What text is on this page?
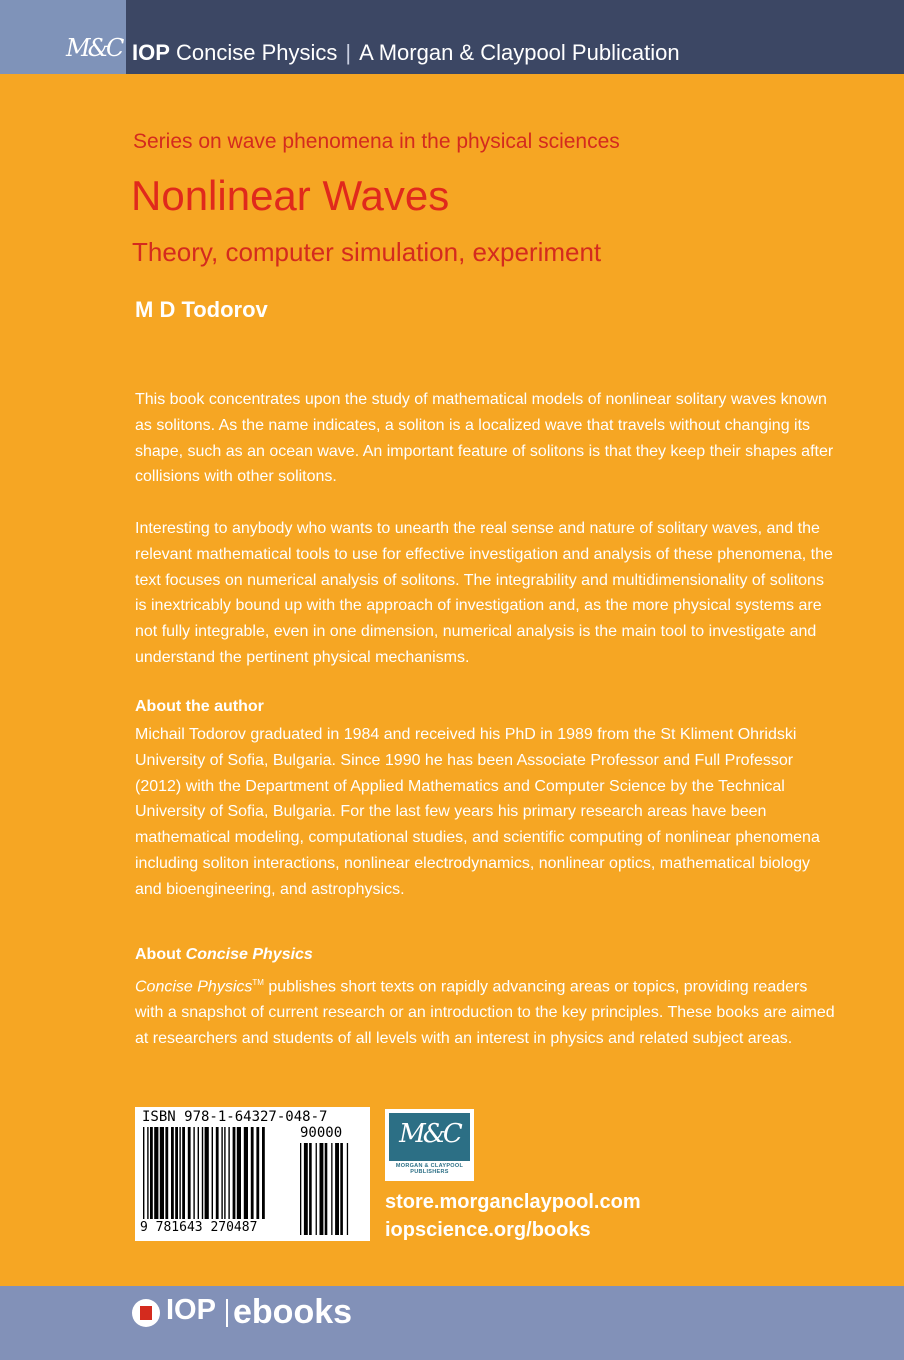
M&C IOP Concise Physics | A Morgan & Claypool Publication
Series on wave phenomena in the physical sciences
Nonlinear Waves
Theory, computer simulation, experiment
M D Todorov

This book concentrates upon the study of mathematical models of nonlinear solitary waves known as solitons. As the name indicates, a soliton is a localized wave that travels without changing its shape, such as an ocean wave. An important feature of solitons is that they keep their shapes after collisions with other solitons.

Interesting to anybody who wants to unearth the real sense and nature of solitary waves, and the relevant mathematical tools to use for effective investigation and analysis of these phenomena, the text focuses on numerical analysis of solitons. The integrability and multidimensionality of solitons is inextricably bound up with the approach of investigation and, as the more physical systems are not fully integrable, even in one dimension, numerical analysis is the main tool to investigate and understand the pertinent physical mechanisms.

About the author

Michail Todorov graduated in 1984 and received his PhD in 1989 from the St Kliment Ohridski University of Sofia, Bulgaria. Since 1990 he has been Associate Professor and Full Professor (2012) with the Department of Applied Mathematics and Computer Science by the Technical University of Sofia, Bulgaria. For the last few years his primary research areas have been mathematical modeling, computational studies, and scientific computing of nonlinear phenomena including soliton interactions, nonlinear electrodynamics, nonlinear optics, mathematical biology and bioengineering, and astrophysics.

About Concise Physics

Concise Physics™ publishes short texts on rapidly advancing areas or topics, providing readers with a snapshot of current research or an introduction to the key principles. These books are aimed at researchers and students of all levels with an interest in physics and related subject areas.

ISBN 978-1-64327-048-7
90000
9 781643 270487
M&C
MORGAN & CLAYPOOL PUBLISHERS
store.morganclaypool.com
iopscience.org/books
IOP ebooks
